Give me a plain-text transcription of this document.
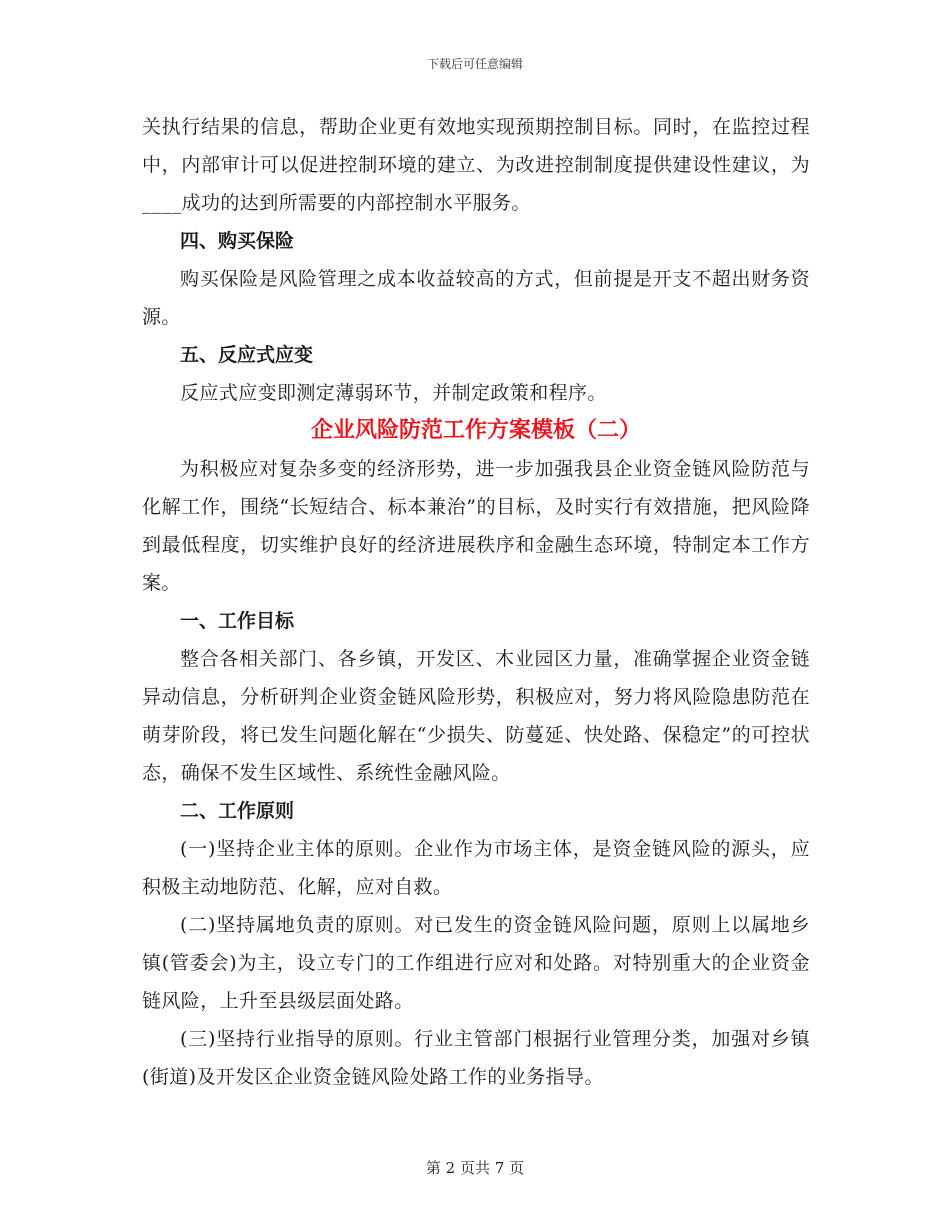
下载后可任意编辑

关执行结果的信息，帮助企业更有效地实现预期控制目标。同时，在监控过程中，内部审计可以促进控制环境的建立、为改进控制制度提供建设性建议，为____成功的达到所需要的内部控制水平服务。

四、购买保险

购买保险是风险管理之成本收益较高的方式，但前提是开支不超出财务资源。

五、反应式应变

反应式应变即测定薄弱环节，并制定政策和程序。

企业风险防范工作方案模板（二）

为积极应对复杂多变的经济形势，进一步加强我县企业资金链风险防范与化解工作，围绕“长短结合、标本兼治”的目标，及时实行有效措施，把风险降到最低程度，切实维护良好的经济进展秩序和金融生态环境，特制定本工作方案。

一、工作目标

整合各相关部门、各乡镇，开发区、木业园区力量，准确掌握企业资金链异动信息，分析研判企业资金链风险形势，积极应对，努力将风险隐患防范在萌芽阶段，将已发生问题化解在“少损失、防蔓延、快处路、保稳定”的可控状态，确保不发生区域性、系统性金融风险。

二、工作原则

(一)坚持企业主体的原则。企业作为市场主体，是资金链风险的源头，应积极主动地防范、化解，应对自救。

(二)坚持属地负责的原则。对已发生的资金链风险问题，原则上以属地乡镇(管委会)为主，设立专门的工作组进行应对和处路。对特别重大的企业资金链风险，上升至县级层面处路。

(三)坚持行业指导的原则。行业主管部门根据行业管理分类，加强对乡镇(街道)及开发区企业资金链风险处路工作的业务指导。

第 2 页共 7 页
